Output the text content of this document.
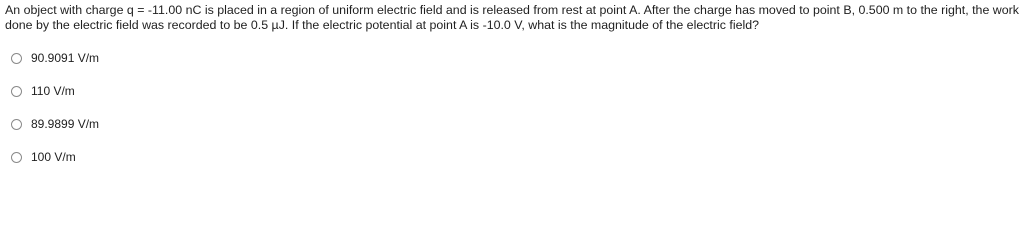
An object with charge q = -11.00 nC is placed in a region of uniform electric field and is released from rest at point A. After the charge has moved to point B, 0.500 m to the right, the work done by the electric field was recorded to be 0.5 µJ. If the electric potential at point A is -10.0 V, what is the magnitude of the electric field?

90.9091 V/m
110 V/m
89.9899 V/m
100 V/m
